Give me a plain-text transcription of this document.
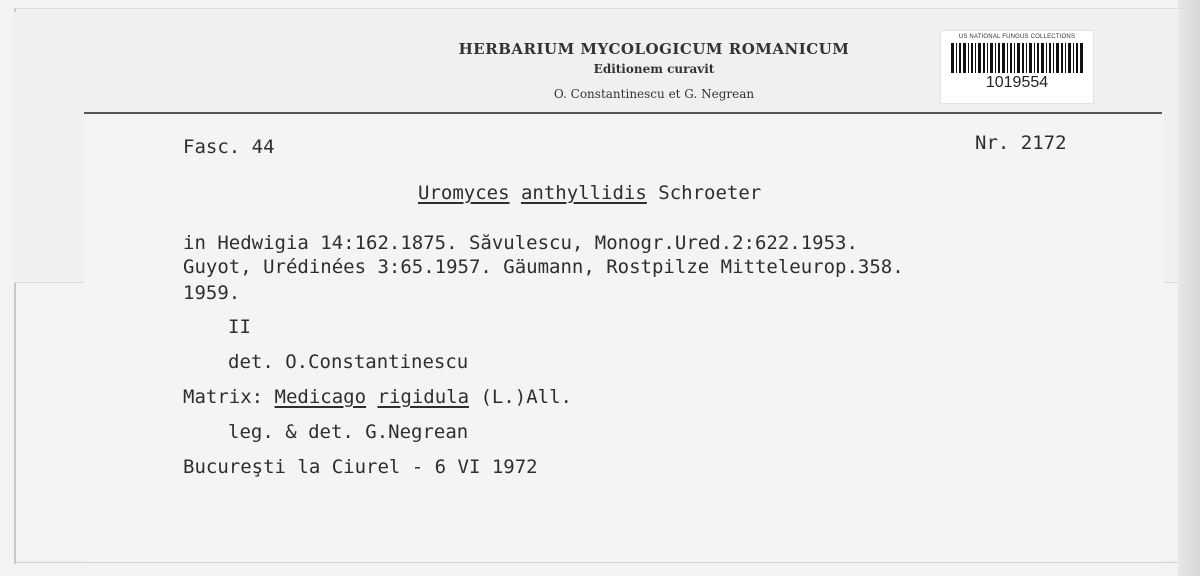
HERBARIUM MYCOLOGICUM ROMANICUM
Editionem curavit
O. Constantinescu et G. Negrean
US NATIONAL FUNGUS COLLECTIONS
1019554
Fasc. 44	Nr. 2172
Uromyces anthyllidis Schroeter
in Hedwigia 14:162.1875. Săvulescu, Monogr.Ured.2:622.1953.
Guyot, Urédinées 3:65.1957. Gäumann, Rostpilze Mitteleurop.358.
1959.
II
det. O.Constantinescu
Matrix: Medicago rigidula (L.)All.
leg. & det. G.Negrean
Bucureşti la Ciurel - 6 VI 1972
